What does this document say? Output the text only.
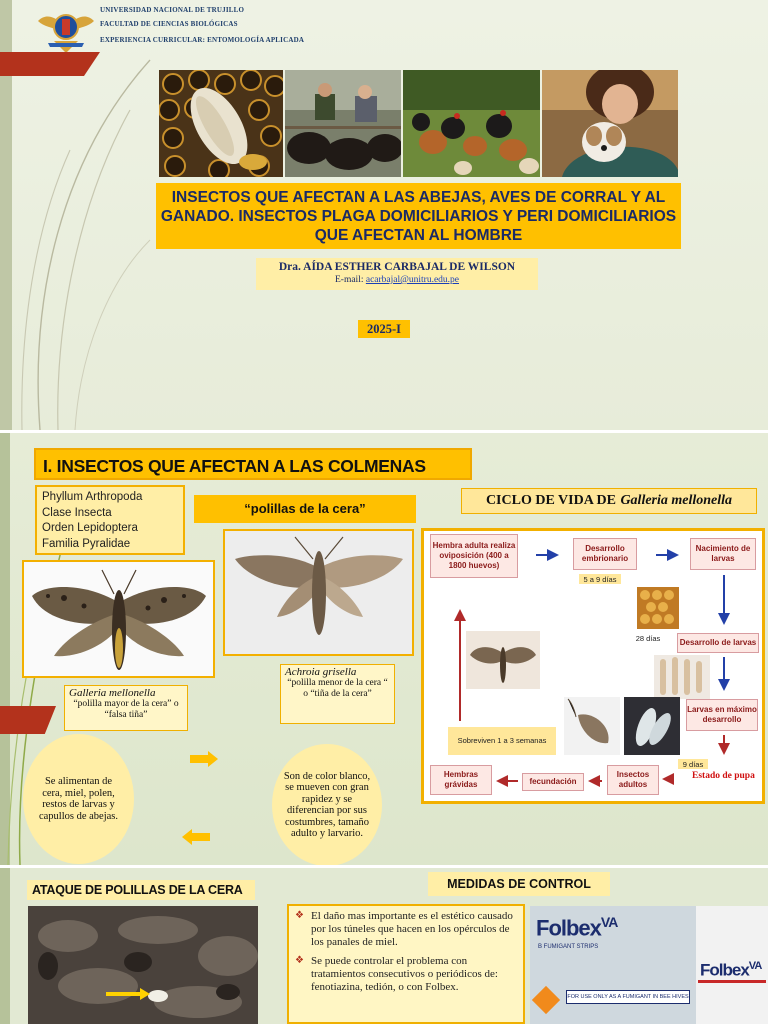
UNIVERSIDAD NACIONAL DE TRUJILLO
FACULTAD DE CIENCIAS BIOLÓGICAS
EXPERIENCIA CURRICULAR: ENTOMOLOGÍA APLICADA
INSECTOS QUE AFECTAN A LAS ABEJAS, AVES DE CORRAL Y AL GANADO. INSECTOS PLAGA DOMICILIARIOS Y PERI DOMICILIARIOS QUE AFECTAN AL HOMBRE
Dra. AÍDA ESTHER CARBAJAL DE WILSON
E-mail: acarbajal@unitru.edu.pe
2025-I
I. INSECTOS QUE AFECTAN A LAS COLMENAS
Phyllum Arthropoda
Clase Insecta
Orden Lepidoptera
Familia Pyralidae
“polillas de la cera”
Galleria mellonella
“polilla mayor de la cera” o “falsa tiña”
Achroia grisella
“polilla menor de la cera “ o “tiña de la cera”
Se alimentan de cera, miel, polen, restos de larvas y capullos de abejas.
Son de color blanco, se mueven con gran rapidez y se diferencian por sus costumbres, tamaño adulto y larvario.
CICLO DE VIDA DE Galleria mellonella
Hembra adulta realiza oviposición (400 a 1800 huevos)
Desarrollo embrionario
Nacimiento de larvas
5 a 9 días
28 días	Desarrollo de larvas
Larvas en máximo desarrollo
9 días
Estado de pupa
Insectos adultos
fecundación
Hembras grávidas
Sobreviven 1 a 3 semanas
ATAQUE DE POLILLAS DE LA CERA	MEDIDAS DE CONTROL
❖ El daño mas importante es el estético causado por los túneles que hacen en los opérculos de los panales de miel.
❖ Se puede controlar el problema con tratamientos consecutivos o periódicos de: fenotiazina, tedión, o con Folbex.
Folbex$^{VA}$
B FUMIGANT STRIPS
FOR USE ONLY AS A FUMIGANT IN BEE HIVES
Folbex$^{VA}$
